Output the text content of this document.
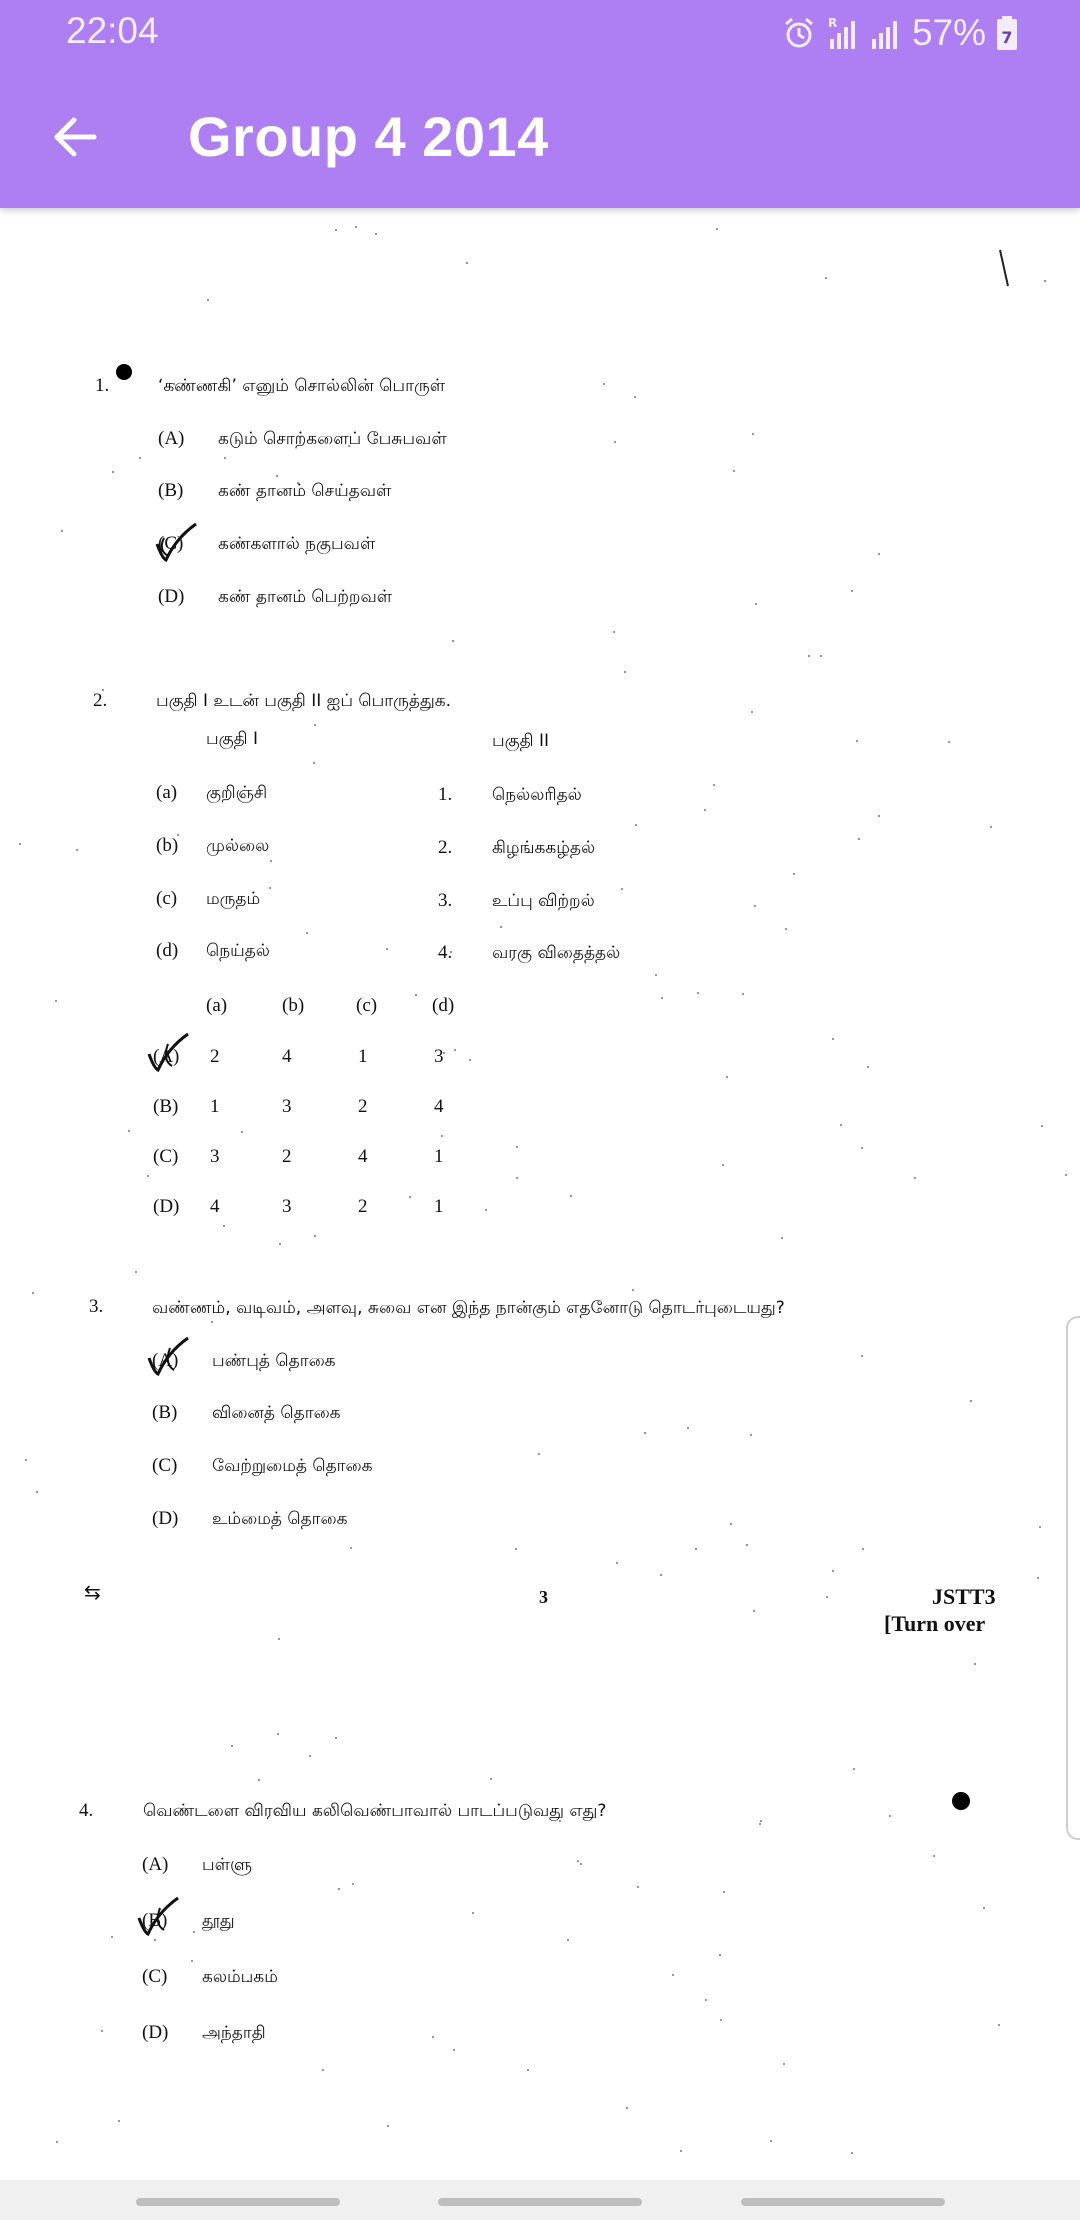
22:04	R 57% 7
Group 4 2014
1.	‘கண்ணகி’ எனும் சொல்லின் பொருள்
(A) கடும் சொற்களைப் பேசுபவள்
(B) கண் தானம் செய்தவள்
(C) கண்களால் நகுபவள்
(D) கண் தானம் பெற்றவள்
2.	பகுதி I உடன் பகுதி II ஐப் பொருத்துக.
பகுதி I	பகுதி II
(a) குறிஞ்சி	1. நெல்லரிதல்
(b) முல்லை	2. கிழங்ககழ்தல்
(c) மருதம்	3. உப்பு விற்றல்
(d) நெய்தல்	4. வரகு விதைத்தல்
(a)	(b)	(c)	(d)
(A) 2	4	1	3
(B) 1	3	2	4
(C) 3	2	4	1
(D) 4	3	2	1
3.	வண்ணம், வடிவம், அளவு, சுவை என இந்த நான்கும் எதனோடு தொடர்புடையது?
(A) பண்புத் தொகை
(B) வினைத் தொகை
(C) வேற்றுமைத் தொகை
(D) உம்மைத் தொகை
⇆	3	JSTT3
[Turn over
4.	வெண்டளை விரவிய கலிவெண்பாவால் பாடப்படுவது எது?
(A) பள்ளு
(B) தூது
(C) கலம்பகம்
(D) அந்தாதி
